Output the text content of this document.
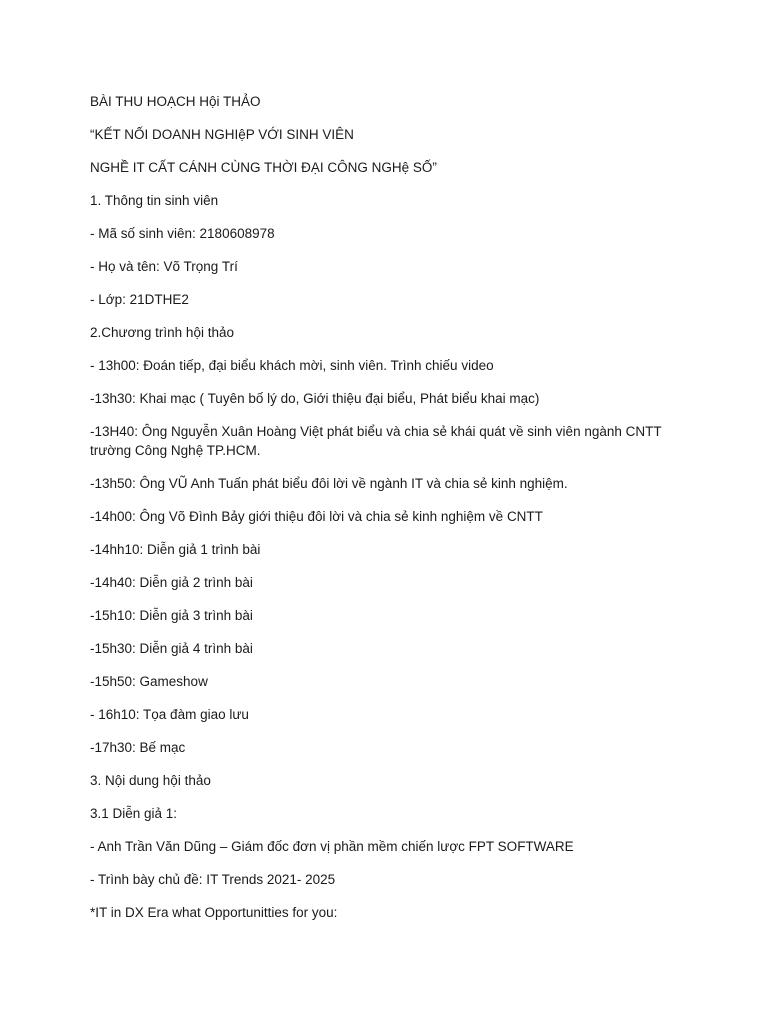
BÀI THU HOẠCH Hội THẢO

“KẾT NỐI DOANH NGHIệP VỚI SINH VIÊN

NGHỀ IT CẤT CÁNH CÙNG THỜI ĐẠI CÔNG NGHệ SỐ”

1. Thông tin sinh viên

- Mã số sinh viên: 2180608978

- Họ và tên: Võ Trọng Trí

- Lớp: 21DTHE2

2.Chương trình hội thảo

- 13h00: Đoán tiếp, đại biểu khách mời, sinh viên. Trình chiếu video

-13h30: Khai mạc ( Tuyên bố lý do, Giới thiệu đại biểu, Phát biểu khai mạc)

-13H40: Ông Nguyễn Xuân Hoàng Việt phát biểu và chia sẻ khái quát về sinh viên ngành CNTT trường Công Nghệ TP.HCM.

-13h50: Ông VŨ Anh Tuấn phát biểu đôi lời về ngành IT và chia sẻ kinh nghiệm.

-14h00: Ông Võ Đình Bảy giới thiệu đôi lời và chia sẻ kinh nghiệm về CNTT

-14hh10: Diễn giả 1 trình bài

-14h40: Diễn giả 2 trình bài

-15h10: Diễn giả 3 trình bài

-15h30: Diễn giả 4 trình bài

-15h50: Gameshow

- 16h10: Tọa đàm giao lưu

-17h30: Bế mạc

3. Nội dung hội thảo

3.1 Diễn giả 1:

- Anh Trần Văn Dũng – Giám đốc đơn vị phần mềm chiến lược FPT SOFTWARE

- Trình bày chủ đề: IT Trends 2021- 2025

*IT in DX Era what Opportunitties for you:
